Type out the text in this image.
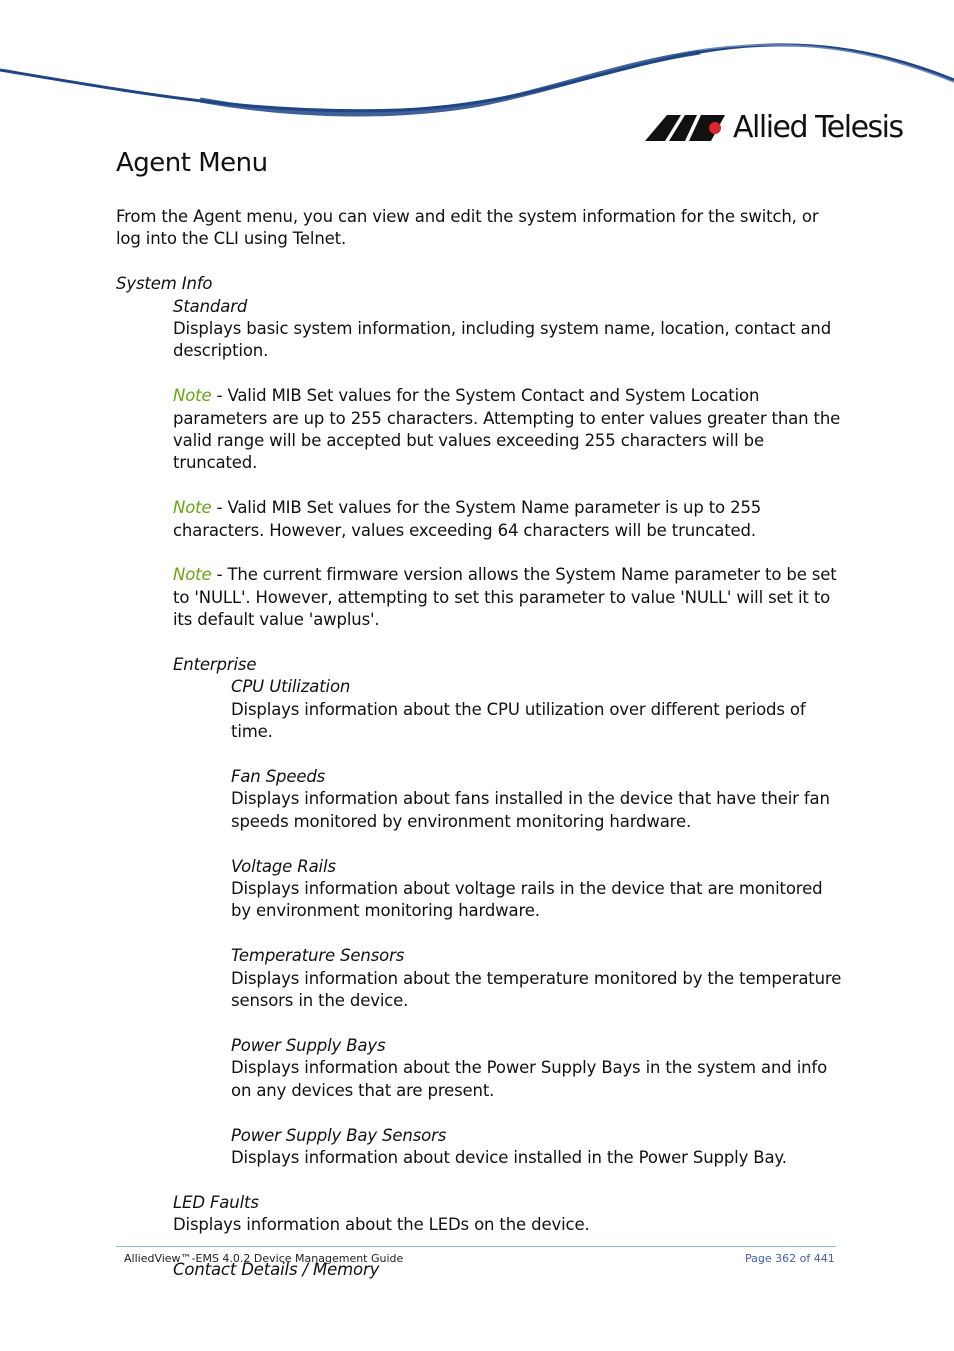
Allied Telesis
Agent Menu

From the Agent menu, you can view and edit the system information for the switch, or log into the CLI using Telnet.

System Info

Standard

Displays basic system information, including system name, location, contact and description.

Note - Valid MIB Set values for the System Contact and System Location parameters are up to 255 characters. Attempting to enter values greater than the valid range will be accepted but values exceeding 255 characters will be truncated.

Note - Valid MIB Set values for the System Name parameter is up to 255 characters. However, values exceeding 64 characters will be truncated.

Note - The current firmware version allows the System Name parameter to be set to 'NULL'. However, attempting to set this parameter to value 'NULL' will set it to its default value 'awplus'.

Enterprise

CPU Utilization

Displays information about the CPU utilization over different periods of time.

Fan Speeds

Displays information about fans installed in the device that have their fan speeds monitored by environment monitoring hardware.

Voltage Rails

Displays information about voltage rails in the device that are monitored by environment monitoring hardware.

Temperature Sensors

Displays information about the temperature monitored by the temperature sensors in the device.

Power Supply Bays

Displays information about the Power Supply Bays in the system and info on any devices that are present.

Power Supply Bay Sensors

Displays information about device installed in the Power Supply Bay.

LED Faults

Displays information about the LEDs on the device.

Contact Details / Memory

AlliedView™-EMS 4.0.2 Device Management Guide	Page 362 of 441
